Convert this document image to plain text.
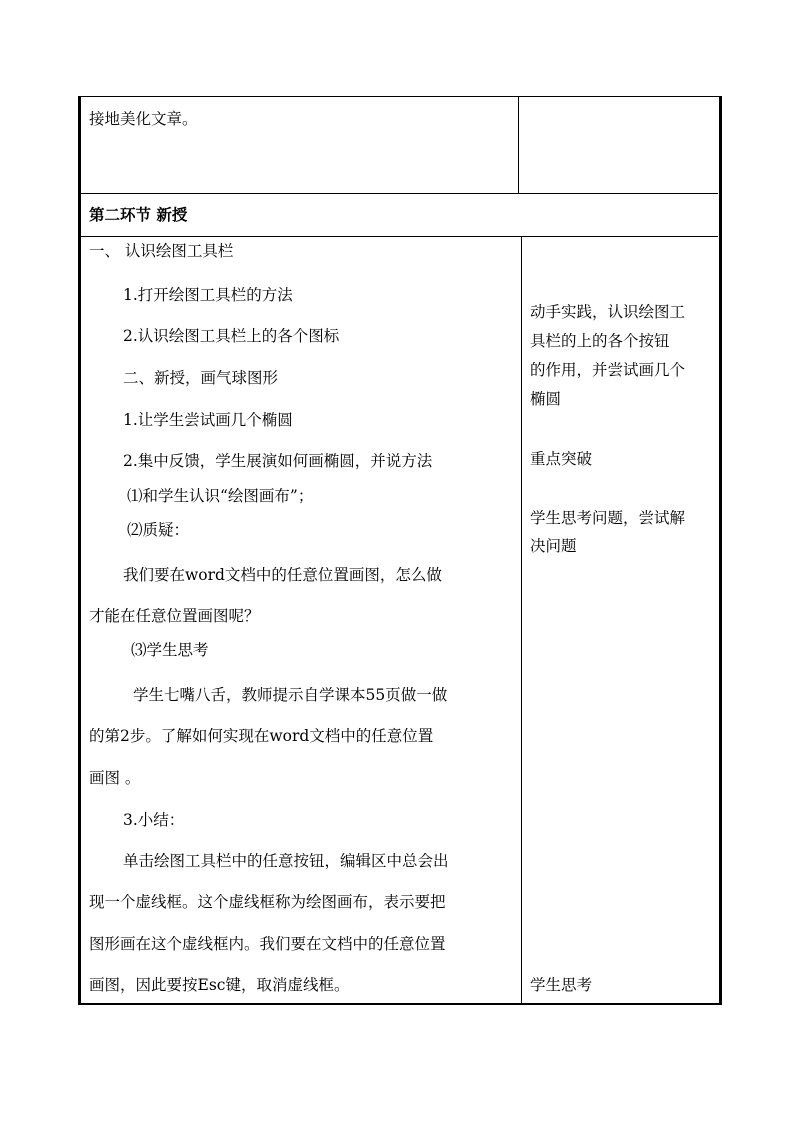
接地美化文章。
第二环节 新授
一、 认识绘图工具栏
1.打开绘图工具栏的方法
2.认识绘图工具栏上的各个图标
二、新授，画气球图形
1.让学生尝试画几个椭圆
2.集中反馈，学生展演如何画椭圆，并说方法
⑴和学生认识“绘图画布”；
⑵质疑：
我们要在word文档中的任意位置画图，怎么做
才能在任意位置画图呢？
⑶学生思考
学生七嘴八舌，教师提示自学课本55页做一做
的第2步。了解如何实现在word文档中的任意位置
画图 。
3.小结：
单击绘图工具栏中的任意按钮，编辑区中总会出
现一个虚线框。这个虚线框称为绘图画布，表示要把
图形画在这个虚线框内。我们要在文档中的任意位置
画图，因此要按Esc键，取消虚线框。
动手实践，认识绘图工
具栏的上的各个按钮
的作用，并尝试画几个
椭圆
重点突破
学生思考问题，尝试解
决问题
学生思考
